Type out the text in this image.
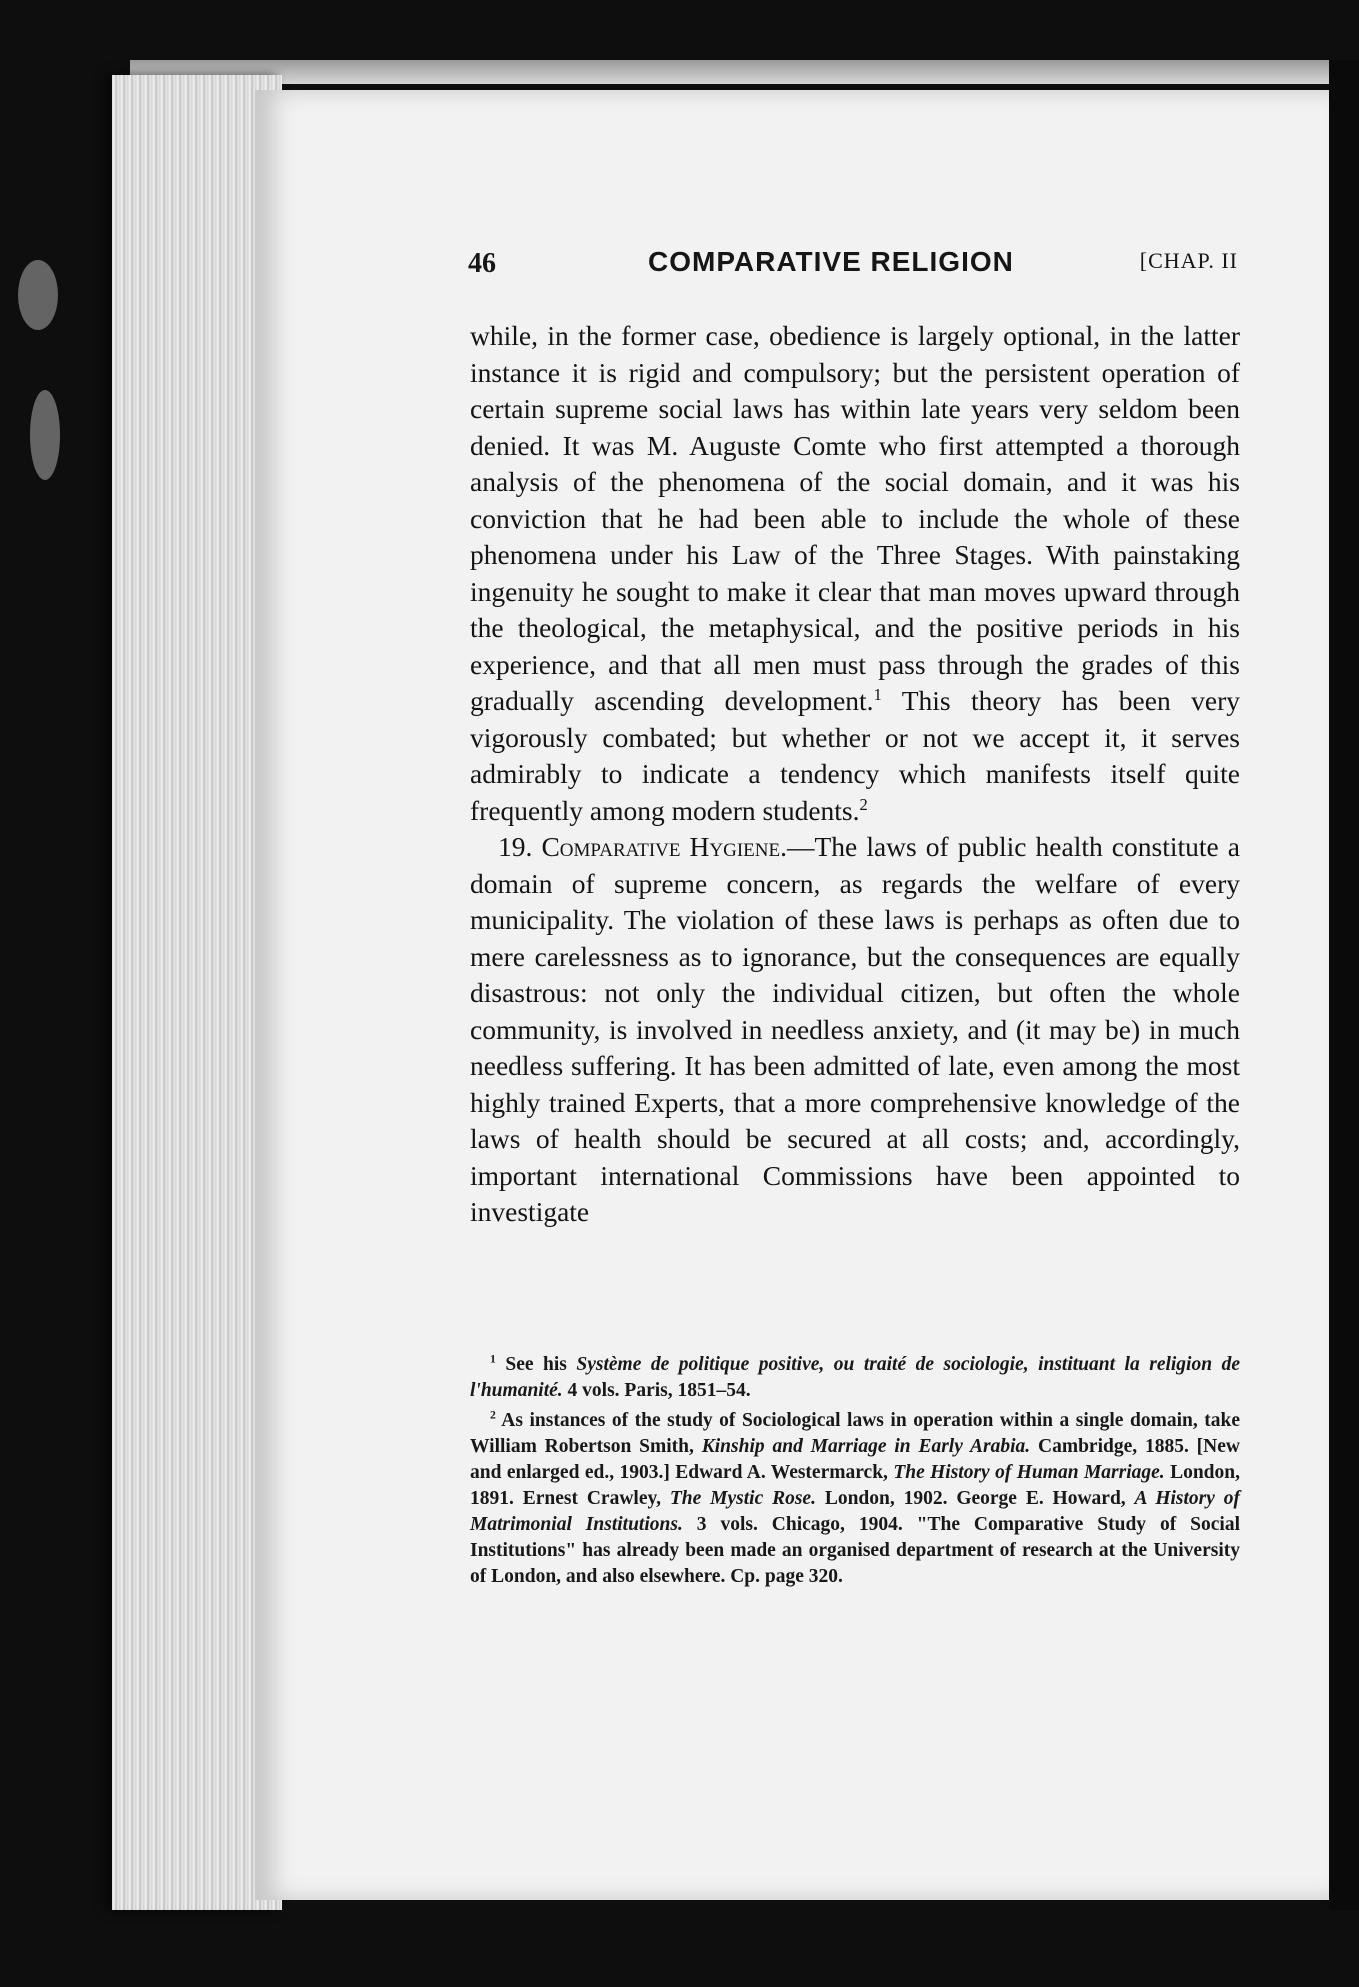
46	COMPARATIVE RELIGION	[CHAP. II

while, in the former case, obedience is largely optional, in the latter instance it is rigid and compulsory; but the persistent operation of certain supreme social laws has within late years very seldom been denied. It was M. Auguste Comte who first attempted a thorough analysis of the phenomena of the social domain, and it was his conviction that he had been able to include the whole of these phenomena under his Law of the Three Stages. With painstaking ingenuity he sought to make it clear that man moves upward through the theological, the metaphysical, and the positive periods in his experience, and that all men must pass through the grades of this gradually ascending development.$^1$ This theory has been very vigorously combated; but whether or not we accept it, it serves admirably to indicate a tendency which manifests itself quite frequently among modern students.$^2$

19. Comparative Hygiene.—The laws of public health constitute a domain of supreme concern, as regards the welfare of every municipality. The violation of these laws is perhaps as often due to mere carelessness as to ignorance, but the consequences are equally disastrous: not only the individual citizen, but often the whole community, is involved in needless anxiety, and (it may be) in much needless suffering. It has been admitted of late, even among the most highly trained Experts, that a more comprehensive knowledge of the laws of health should be secured at all costs; and, accordingly, important international Commissions have been appointed to investigate

$^1$ See his Système de politique positive, ou traité de sociologie, instituant la religion de l'humanité. 4 vols. Paris, 1851–54.

$^2$ As instances of the study of Sociological laws in operation within a single domain, take William Robertson Smith, Kinship and Marriage in Early Arabia. Cambridge, 1885. [New and enlarged ed., 1903.] Edward A. Westermarck, The History of Human Marriage. London, 1891. Ernest Crawley, The Mystic Rose. London, 1902. George E. Howard, A History of Matrimonial Institutions. 3 vols. Chicago, 1904. "The Comparative Study of Social Institutions" has already been made an organised department of research at the University of London, and also elsewhere. Cp. page 320.
